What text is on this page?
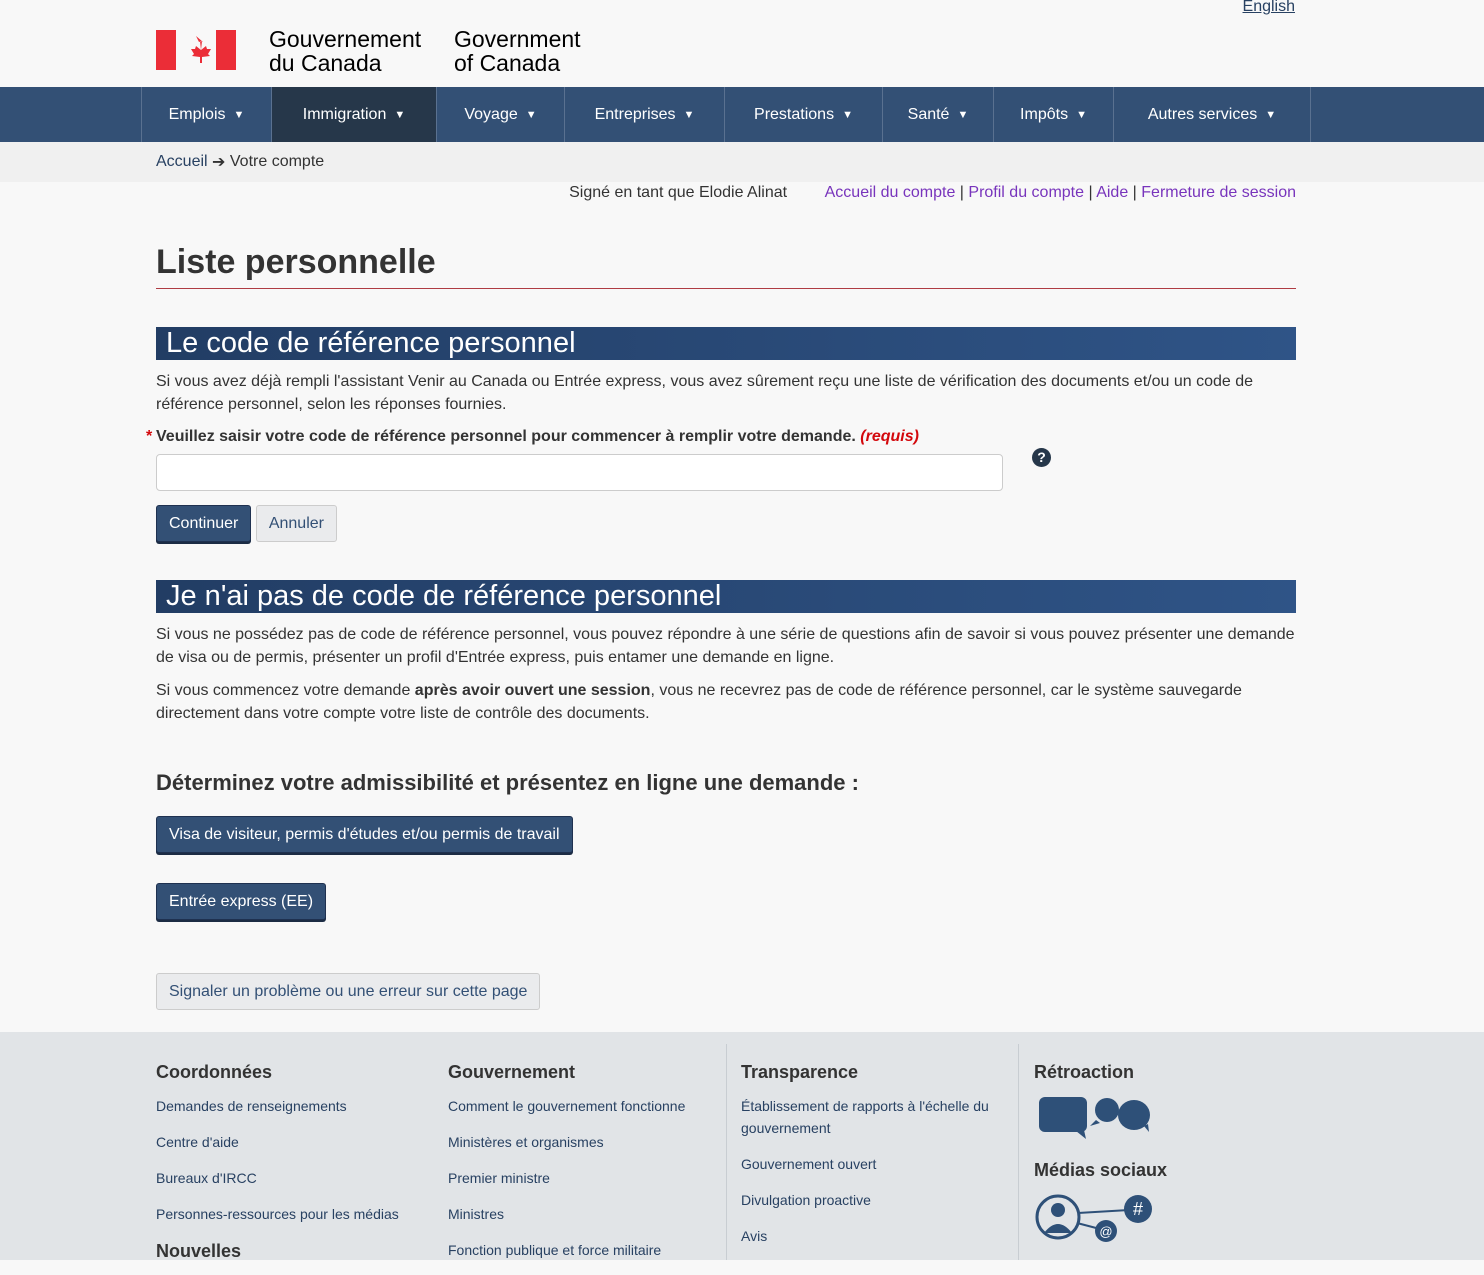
English
Gouvernement
du Canada
Government
of Canada
Emplois ▼	Immigration ▼	Voyage ▼	Entreprises ▼	Prestations ▼	Santé ▼	Impôts ▼	Autres services ▼
Accueil
➔
Votre compte
Signé en tant que Elodie Alinat Accueil du compte | Profil du compte | Aide | Fermeture de session
Liste personnelle
Le code de référence personnel

Si vous avez déjà rempli l'assistant Venir au Canada ou Entrée express, vous avez sûrement reçu une liste de vérification des documents et/ou un code de référence personnel, selon les réponses fournies.

* Veuillez saisir votre code de référence personnel pour commencer à remplir votre demande. (requis)
?
Continuer Annuler
Je n'ai pas de code de référence personnel

Si vous ne possédez pas de code de référence personnel, vous pouvez répondre à une série de questions afin de savoir si vous pouvez présenter une demande de visa ou de permis, présenter un profil d'Entrée express, puis entamer une demande en ligne.

Si vous commencez votre demande après avoir ouvert une session, vous ne recevrez pas de code de référence personnel, car le système sauvegarde directement dans votre compte votre liste de contrôle des documents.

Déterminez votre admissibilité et présentez en ligne une demande :
Visa de visiteur, permis d'études et/ou permis de travail
Entrée express (EE)
Signaler un problème ou une erreur sur cette page
Rétroaction
Médias sociaux
#
@
Coordonnées
Demandes de renseignements
Centre d'aide
Bureaux d'IRCC
Personnes-ressources pour les médias
Nouvelles
Gouvernement
Comment le gouvernement fonctionne
Ministères et organismes
Premier ministre
Ministres
Fonction publique et force militaire
Transparence
Établissement de rapports à l'échelle du gouvernement
Gouvernement ouvert
Divulgation proactive
Avis
